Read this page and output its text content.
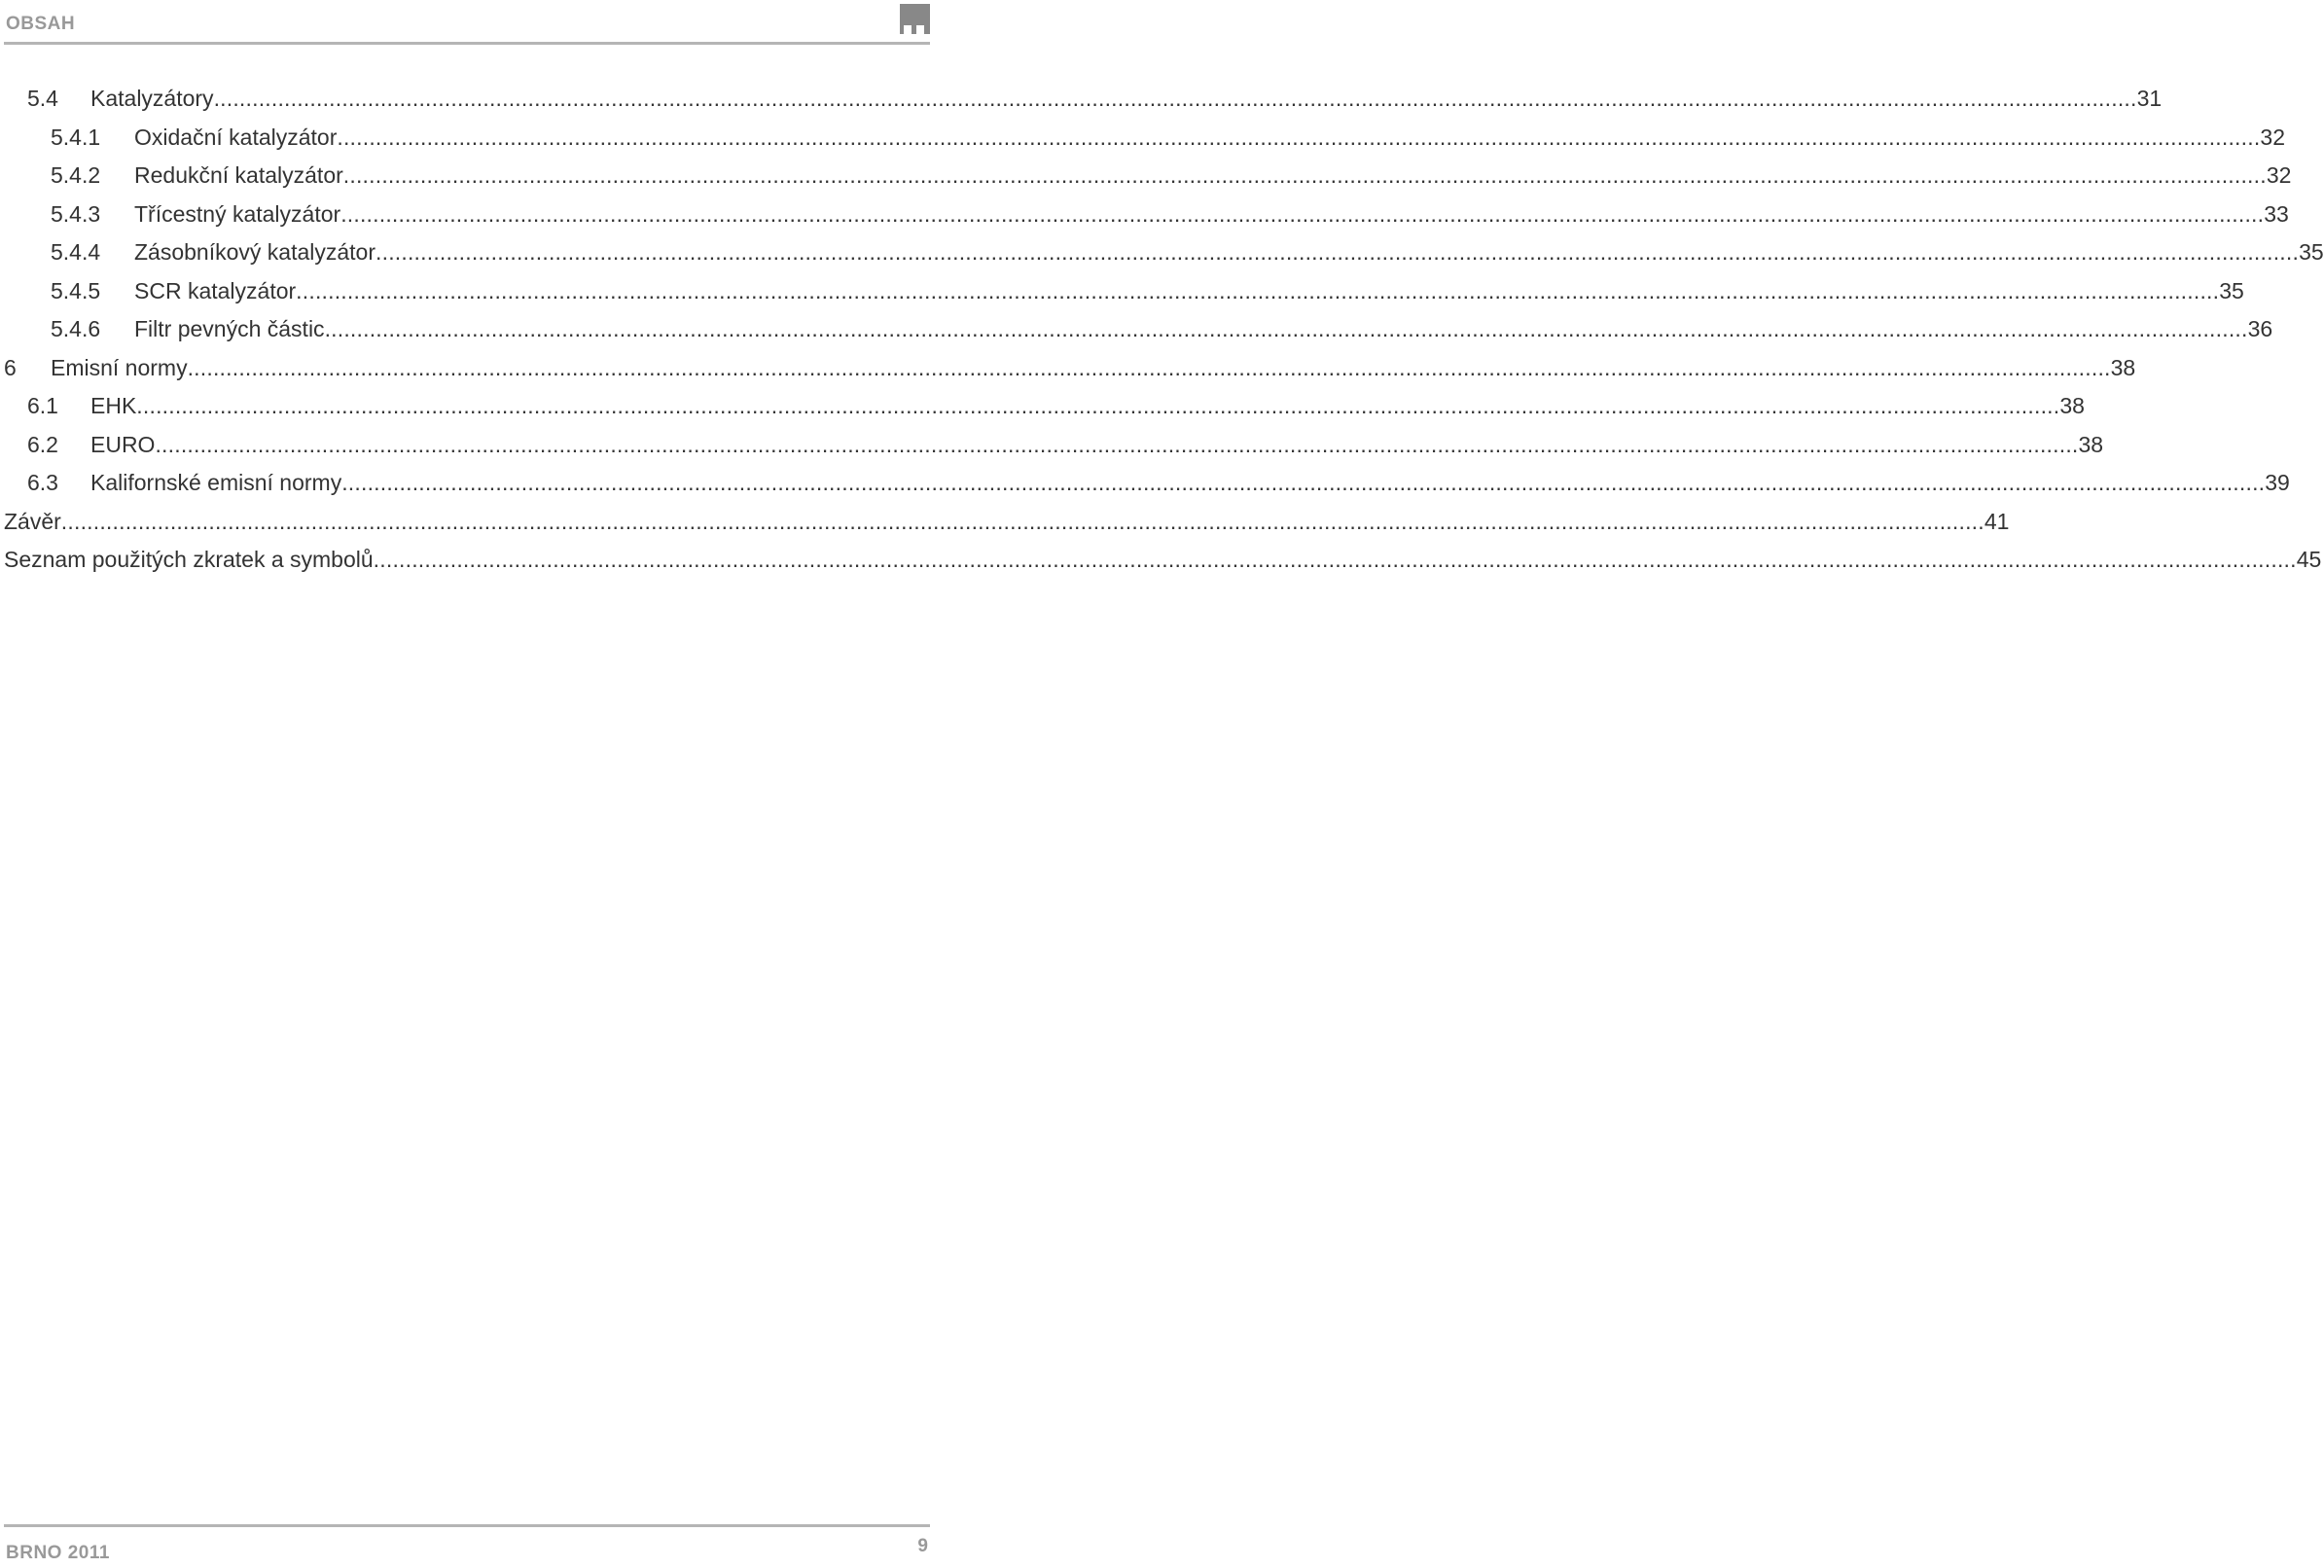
OBSAH
5.4 Katalyzátory ............................................................................................................................................................................................................................................................................................................ 31
5.4.1 Oxidační katalyzátor ............................................................................................................................................................................................................................................................................................................ 32
5.4.2 Redukční katalyzátor ............................................................................................................................................................................................................................................................................................................ 32
5.4.3 Třícestný katalyzátor ............................................................................................................................................................................................................................................................................................................ 33
5.4.4 Zásobníkový katalyzátor ............................................................................................................................................................................................................................................................................................................ 35
5.4.5 SCR katalyzátor ............................................................................................................................................................................................................................................................................................................ 35
5.4.6 Filtr pevných částic ............................................................................................................................................................................................................................................................................................................ 36
6 Emisní normy ............................................................................................................................................................................................................................................................................................................ 38
6.1 EHK ............................................................................................................................................................................................................................................................................................................ 38
6.2 EURO ............................................................................................................................................................................................................................................................................................................ 38
6.3 Kalifornské emisní normy ............................................................................................................................................................................................................................................................................................................ 39
Závěr ............................................................................................................................................................................................................................................................................................................ 41
Seznam použitých zkratek a symbolů ............................................................................................................................................................................................................................................................................................................ 45
BRNO 2011	9
